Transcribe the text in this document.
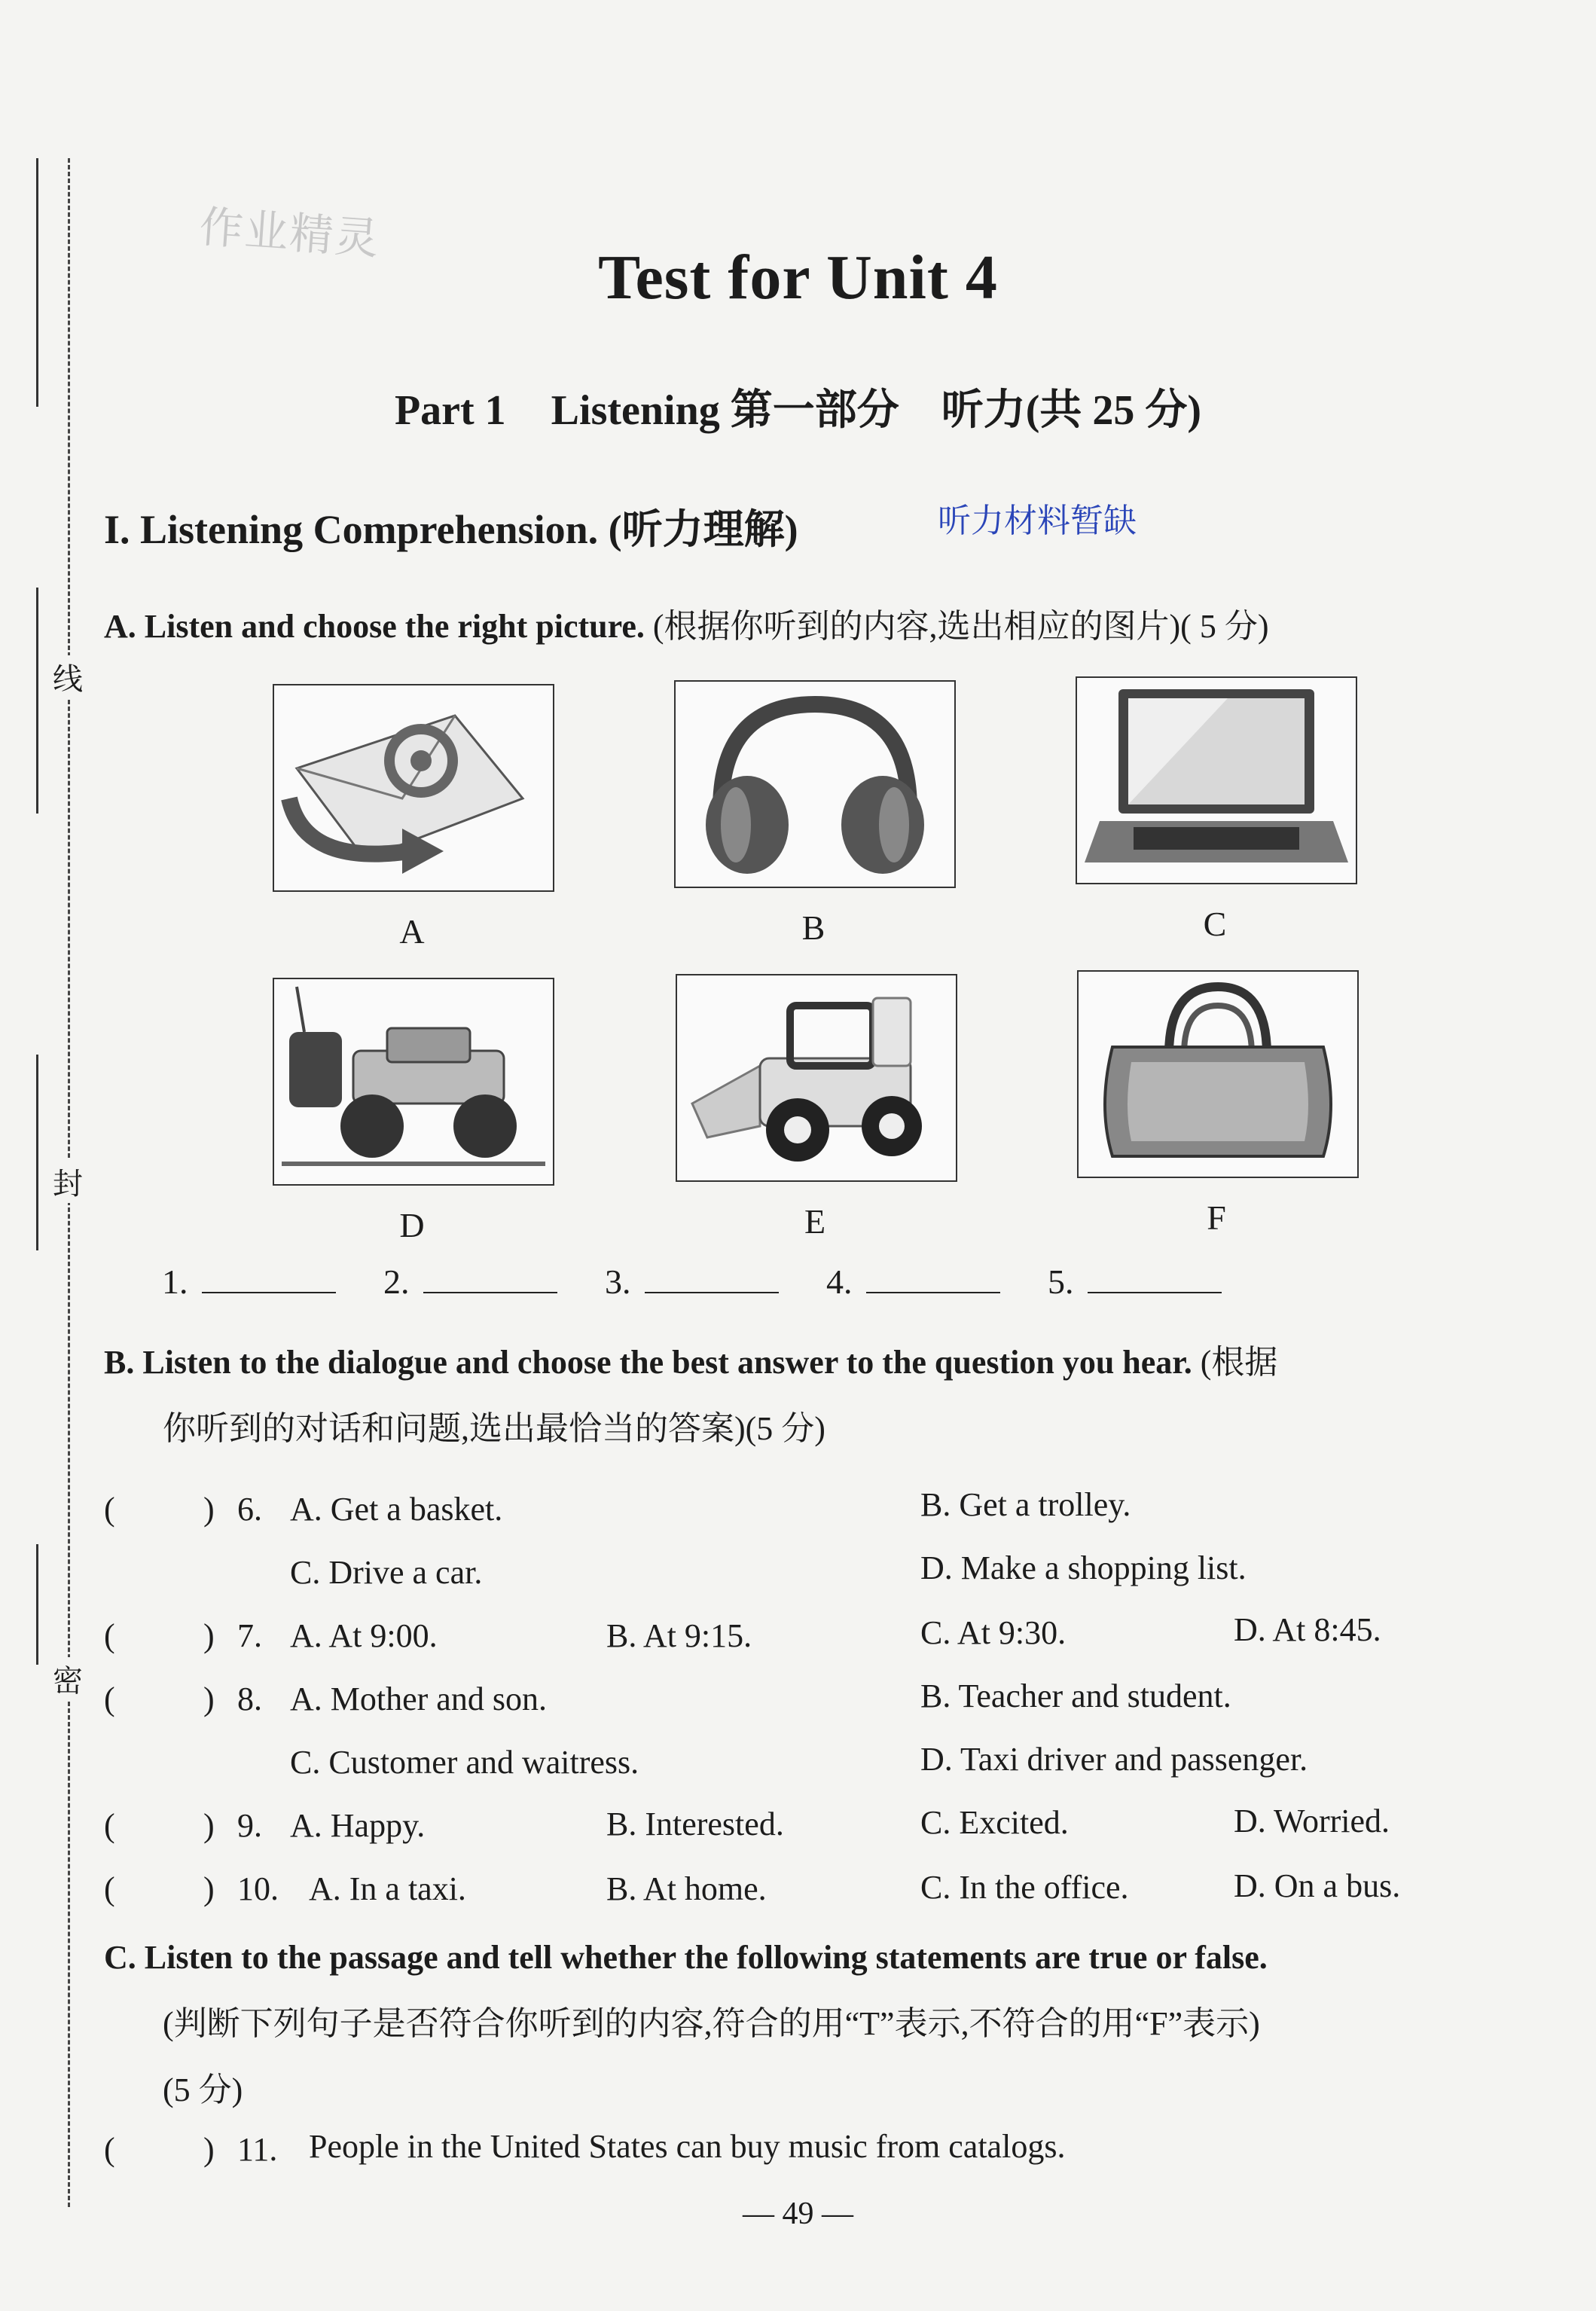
线
封
密
作业精灵
Test for Unit 4
Part 1 Listening 第一部分　听力(共 25 分)
I. Listening Comprehension. (听力理解)	听力材料暂缺
A. Listen and choose the right picture. (根据你听到的内容,选出相应的图片)( 5 分)
A	B	C
D	E	F
1.	2.	3.	4.	5.
B. Listen to the dialogue and choose the best answer to the question you hear. (根据
你听到的对话和问题,选出最恰当的答案)(5 分)
(	) 6. A. Get a basket.	B. Get a trolley.
C. Drive a car.	D. Make a shopping list.
(	) 7. A. At 9:00.	B. At 9:15.	C. At 9:30.	D. At 8:45.
(	) 8. A. Mother and son.	B. Teacher and student.
C. Customer and waitress.	D. Taxi driver and passenger.
(	) 9. A. Happy.	B. Interested.	C. Excited.	D. Worried.
(	) 10. A. In a taxi.	B. At home.	C. In the office.	D. On a bus.
C. Listen to the passage and tell whether the following statements are true or false.
(判断下列句子是否符合你听到的内容,符合的用“T”表示,不符合的用“F”表示)
(5 分)
(	) 11. People in the United States can buy music from catalogs.
— 49 —
